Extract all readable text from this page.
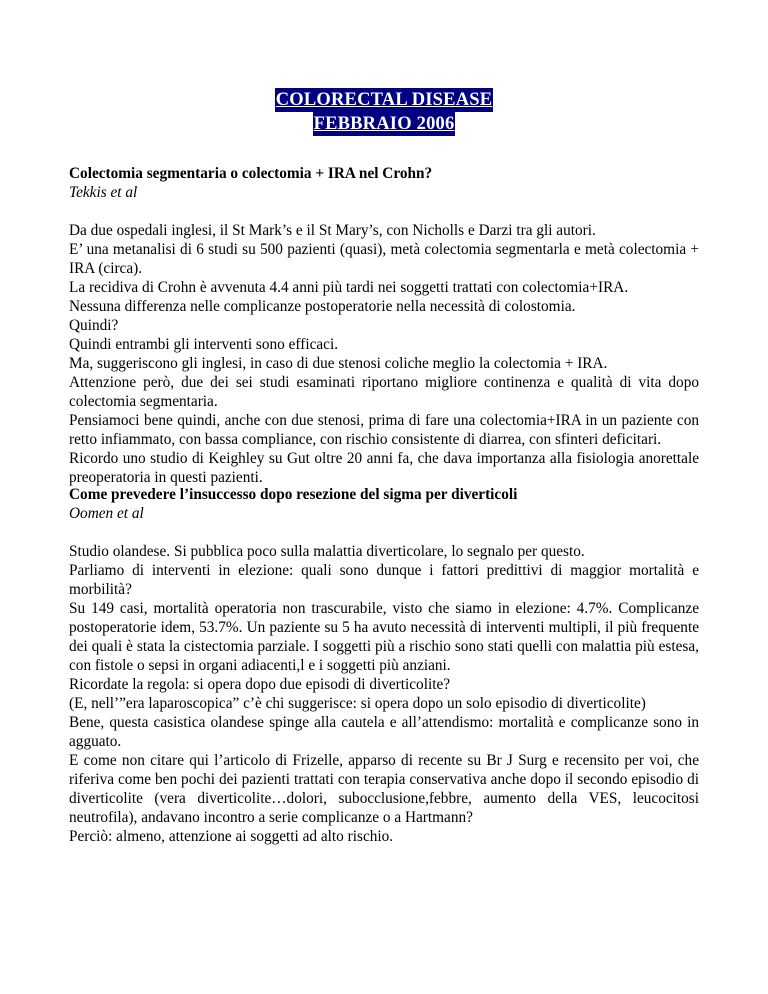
COLORECTAL DISEASE
FEBBRAIO 2006

Colectomia segmentaria o colectomia + IRA nel Crohn?

Tekkis et al

Da due ospedali inglesi, il St Mark’s e il St Mary’s, con Nicholls e Darzi tra gli autori.

E’ una metanalisi di 6 studi su 500 pazienti (quasi), metà colectomia segmentarla e metà colectomia + IRA (circa).

La recidiva di Crohn è avvenuta 4.4 anni più tardi nei soggetti trattati con colectomia+IRA.

Nessuna differenza nelle complicanze postoperatorie nella necessità di colostomia.

Quindi?

Quindi entrambi gli interventi sono efficaci.

Ma, suggeriscono gli inglesi, in caso di due stenosi coliche meglio la colectomia + IRA.

Attenzione però, due dei sei studi esaminati riportano migliore continenza e qualità di vita dopo colectomia segmentaria.

Pensiamoci bene quindi, anche con due stenosi, prima di fare una colectomia+IRA in un paziente con retto infiammato, con bassa compliance, con rischio consistente di diarrea, con sfinteri deficitari.

Ricordo uno studio di Keighley su Gut oltre 20 anni fa, che dava importanza alla fisiologia anorettale preoperatoria in questi pazienti.

Come prevedere l’insuccesso dopo resezione del sigma per diverticoli

Oomen et al

Studio olandese. Si pubblica poco sulla malattia diverticolare, lo segnalo per questo.

Parliamo di interventi in elezione: quali sono dunque i fattori predittivi di maggior mortalità e morbilità?

Su 149 casi, mortalità operatoria non trascurabile, visto che siamo in elezione: 4.7%. Complicanze postoperatorie idem, 53.7%. Un paziente su 5 ha avuto necessità di interventi multipli, il più frequente dei quali è stata la cistectomia parziale. I soggetti più a rischio sono stati quelli con malattia più estesa, con fistole o sepsi in organi adiacenti,l e i soggetti più anziani.

Ricordate la regola: si opera dopo due episodi di diverticolite?

(E, nell’”era laparoscopica” c’è chi suggerisce: si opera dopo un solo episodio di diverticolite)

Bene, questa casistica olandese spinge alla cautela e all’attendismo: mortalità e complicanze sono in agguato.

E come non citare qui l’articolo di Frizelle, apparso di recente su Br J Surg e recensito per voi, che riferiva come ben pochi dei pazienti trattati con terapia conservativa anche dopo il secondo episodio di diverticolite (vera diverticolite…dolori, subocclusione,febbre, aumento della VES, leucocitosi neutrofila), andavano incontro a serie complicanze o a Hartmann?

Perciò: almeno, attenzione ai soggetti ad alto rischio.
